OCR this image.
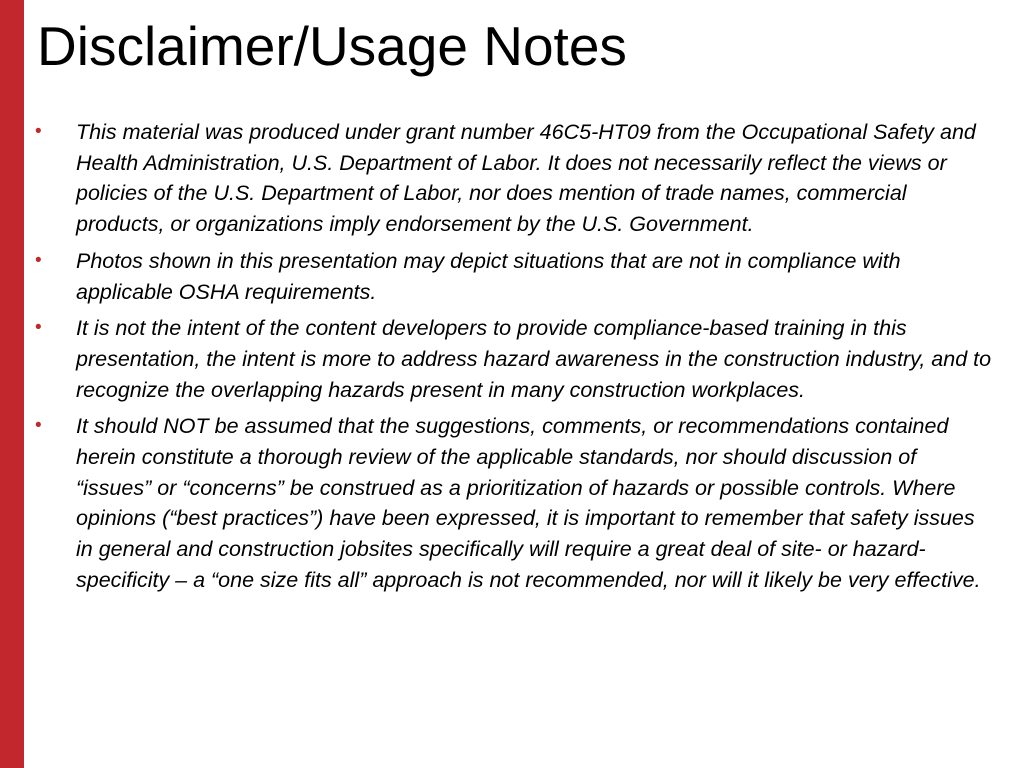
Disclaimer/Usage Notes
• This material was produced under grant number 46C5-HT09 from the Occupational Safety and Health Administration, U.S. Department of Labor. It does not necessarily reflect the views or policies of the U.S. Department of Labor, nor does mention of trade names, commercial products, or organizations imply endorsement by the U.S. Government.
• Photos shown in this presentation may depict situations that are not in compliance with applicable OSHA requirements.
• It is not the intent of the content developers to provide compliance-based training in this presentation, the intent is more to address hazard awareness in the construction industry, and to recognize the overlapping hazards present in many construction workplaces.
• It should NOT be assumed that the suggestions, comments, or recommendations contained herein constitute a thorough review of the applicable standards, nor should discussion of “issues” or “concerns” be construed as a prioritization of hazards or possible controls. Where opinions (“best practices”) have been expressed, it is important to remember that safety issues in general and construction jobsites specifically will require a great deal of site- or hazard-specificity – a “one size fits all” approach is not recommended, nor will it likely be very effective.
